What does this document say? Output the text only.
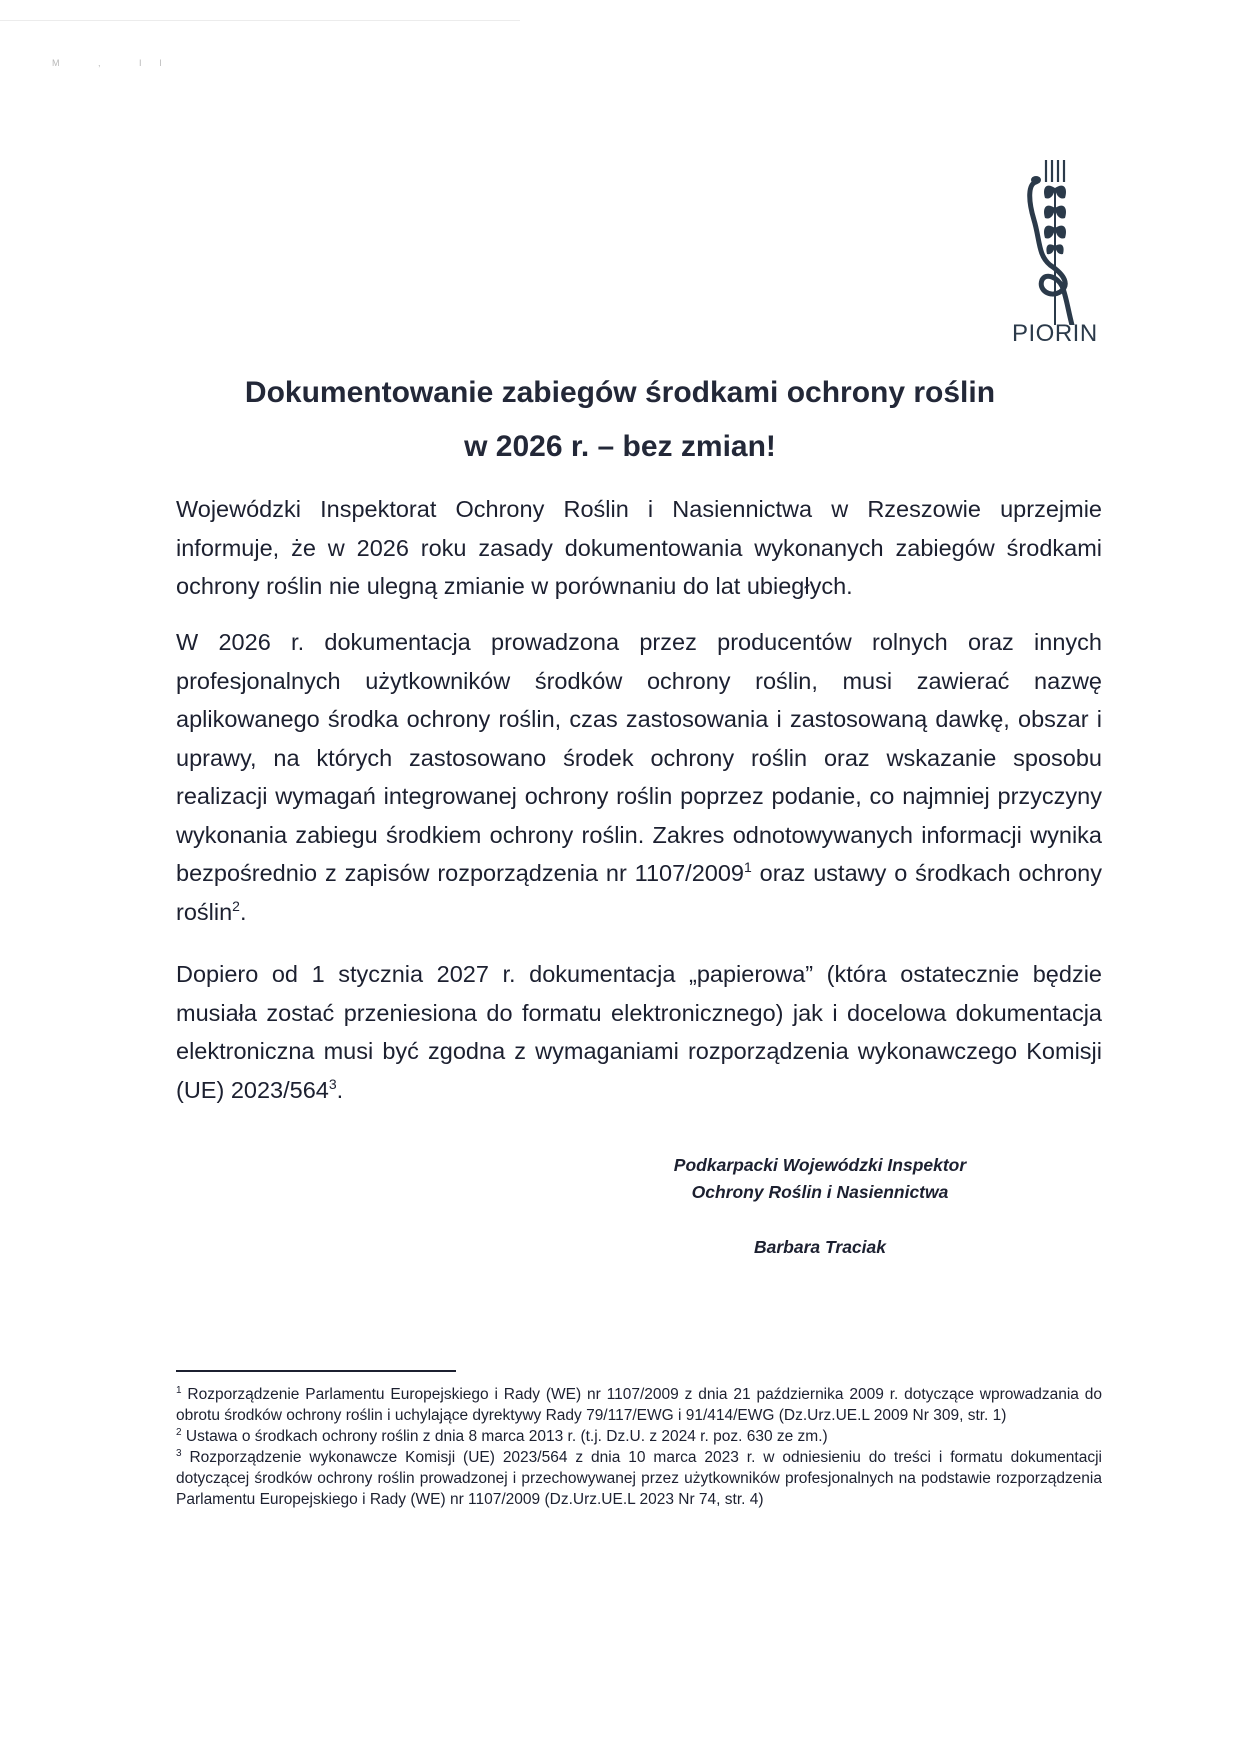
M , Il
PIORIN
Dokumentowanie zabiegów środkami ochrony roślin
w 2026 r. – bez zmian!

Wojewódzki Inspektorat Ochrony Roślin i Nasiennictwa w Rzeszowie uprzejmie informuje, że w 2026 roku zasady dokumentowania wykonanych zabiegów środkami ochrony roślin nie ulegną zmianie w porównaniu do lat ubiegłych.

W 2026 r. dokumentacja prowadzona przez producentów rolnych oraz innych profesjonalnych użytkowników środków ochrony roślin, musi zawierać nazwę aplikowanego środka ochrony roślin, czas zastosowania i zastosowaną dawkę, obszar i uprawy, na których zastosowano środek ochrony roślin oraz wskazanie sposobu realizacji wymagań integrowanej ochrony roślin poprzez podanie, co najmniej przyczyny wykonania zabiegu środkiem ochrony roślin. Zakres odnotowywanych informacji wynika bezpośrednio z zapisów rozporządzenia nr 1107/2009$^1$ oraz ustawy o środkach ochrony roślin$^2$.

Dopiero od 1 stycznia 2027 r. dokumentacja „papierowa” (która ostatecznie będzie musiała zostać przeniesiona do formatu elektronicznego) jak i docelowa dokumentacja elektroniczna musi być zgodna z wymaganiami rozporządzenia wykonawczego Komisji (UE) $2023/564^3$.

Podkarpacki Wojewódzki Inspektor
Ochrony Roślin i Nasiennictwa
Barbara Traciak

$^1$ Rozporządzenie Parlamentu Europejskiego i Rady (WE) nr 1107/2009 z dnia 21 października 2009 r. dotyczące wprowadzania do obrotu środków ochrony roślin i uchylające dyrektywy Rady 79/117/EWG i 91/414/EWG (Dz.Urz.UE.L 2009 Nr 309, str. 1)

$^2$ Ustawa o środkach ochrony roślin z dnia 8 marca 2013 r. (t.j. Dz.U. z 2024 r. poz. 630 ze zm.)

$^3$ Rozporządzenie wykonawcze Komisji (UE) 2023/564 z dnia 10 marca 2023 r. w odniesieniu do treści i formatu dokumentacji dotyczącej środków ochrony roślin prowadzonej i przechowywanej przez użytkowników profesjonalnych na podstawie rozporządzenia Parlamentu Europejskiego i Rady (WE) nr 1107/2009 (Dz.Urz.UE.L 2023 Nr 74, str. 4)
